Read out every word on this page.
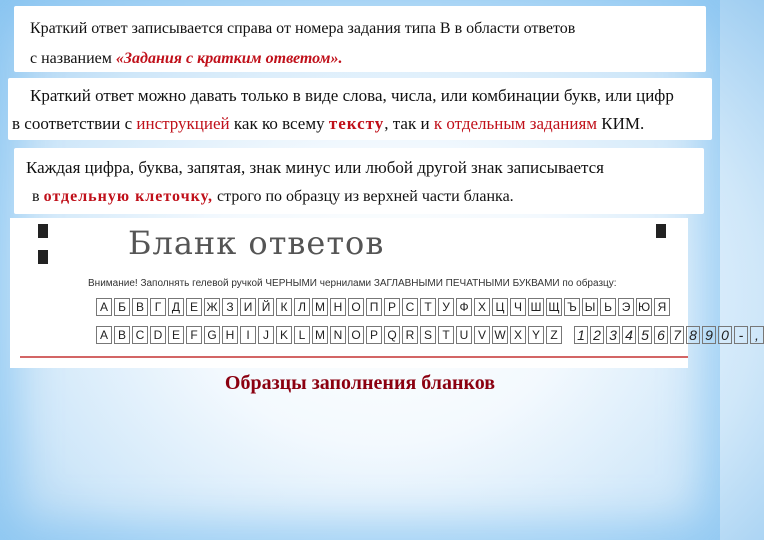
Краткий ответ записывается справа от номера задания типа В в области ответов
с названием «Задания с кратким ответом».
Краткий ответ можно давать только в виде слова, числа, или комбинации букв, или цифр
в соответствии с инструкцией как ко всему тексту, так и к отдельным заданиям КИМ.
Каждая цифра, буква, запятая, знак минус или любой другой знак записывается
в отдельную клеточку, строго по образцу из верхней части бланка.
Бланк ответов
Внимание! Заполнять гелевой ручкой ЧЕРНЫМИ чернилами ЗАГЛАВНЫМИ ПЕЧАТНЫМИ БУКВАМИ по образцу:
А Б В Г Д Е Ж З И Й К Л М Н О П Р С Т У Ф Х Ц Ч Ш Щ Ъ Ы Ь Э Ю Я
A B C D E F G H	I	J K L M N O P Q R S T U V W X Y Z	1 2 3 4 5 6 7 8 9 0 - ,
Образцы заполнения бланков
